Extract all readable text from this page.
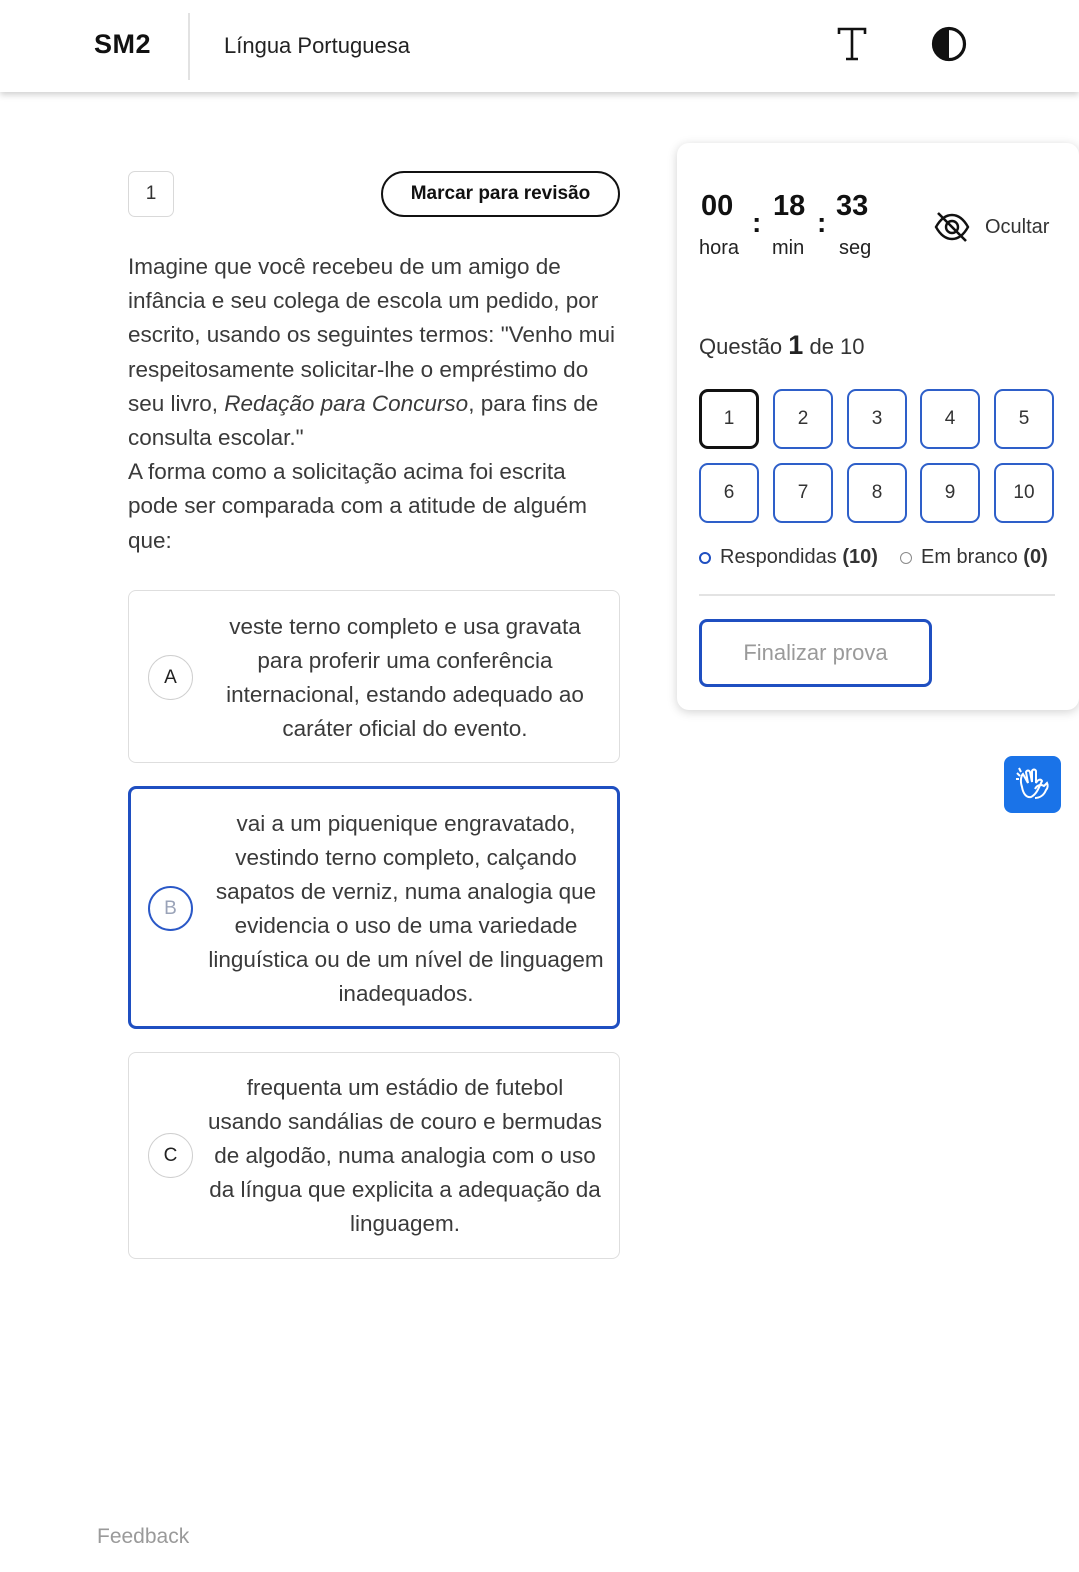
SM2	Língua Portuguesa
1	Marcar para revisão
Imagine que você recebeu de um amigo de infância e seu colega de escola um pedido, por escrito, usando os seguintes termos: "Venho mui respeitosamente solicitar-lhe o empréstimo do seu livro, Redação para Concurso, para fins de consulta escolar."
A forma como a solicitação acima foi escrita pode ser comparada com a atitude de alguém que:
A
veste terno completo e usa gravata para proferir uma conferência internacional, estando adequado ao caráter oficial do evento.
B
vai a um piquenique engravatado, vestindo terno completo, calçando sapatos de verniz, numa analogia que evidencia o uso de uma variedade linguística ou de um nível de linguagem inadequados.
C
frequenta um estádio de futebol usando sandálias de couro e bermudas de algodão, numa analogia com o uso da língua que explicita a adequação da linguagem.
00
:
18
:
33
hora min seg
Ocultar
Questão 1 de 10
1	2	3	4	5
6	7	8	9	10
Respondidas
(10) Em branco
(0)
Finalizar prova
Feedback
